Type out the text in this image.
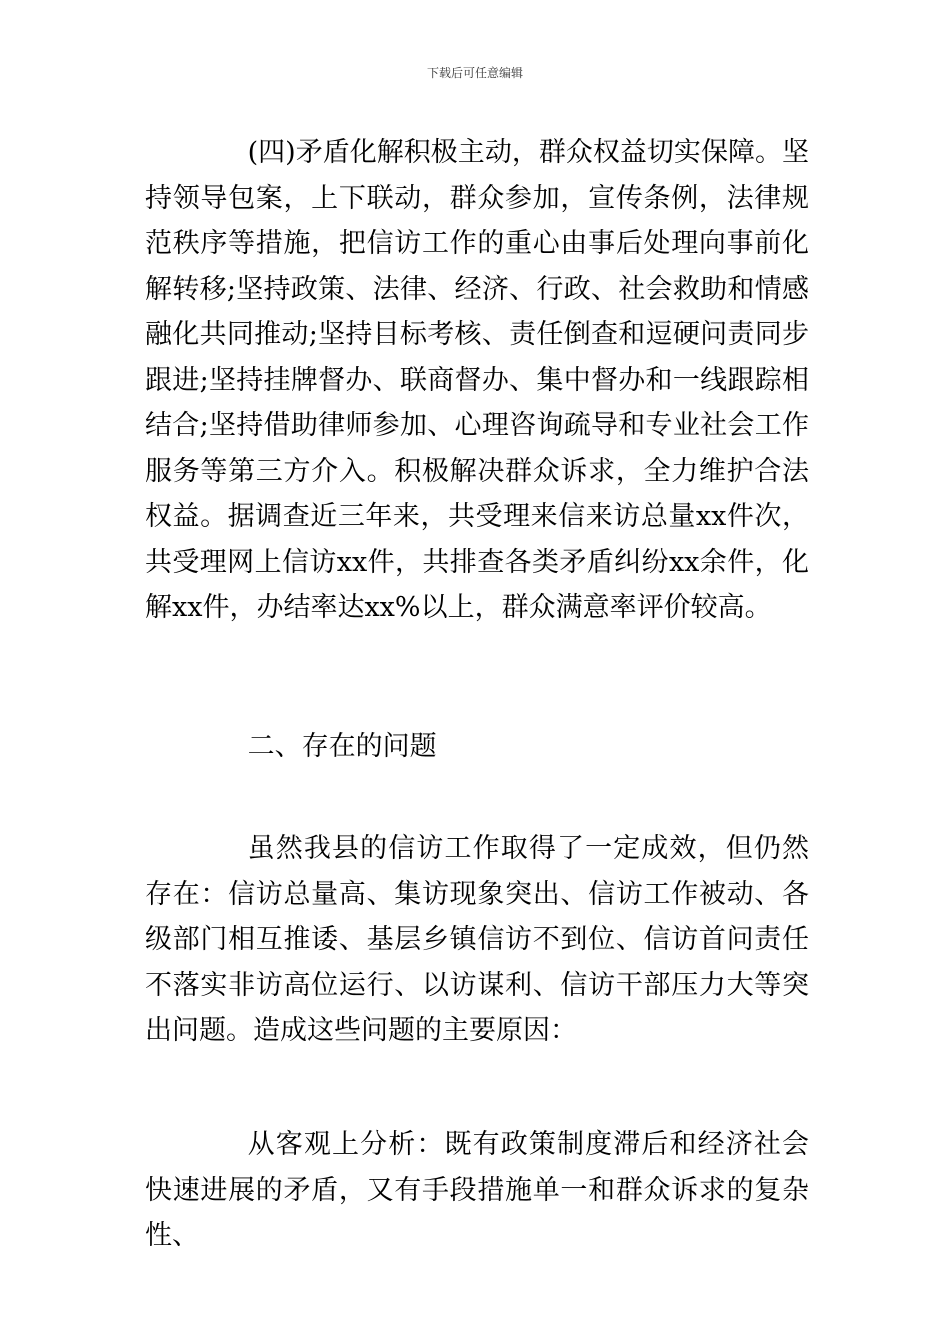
下载后可任意编辑

(四)矛盾化解积极主动，群众权益切实保障。坚持领导包案，上下联动，群众参加，宣传条例，法律规范秩序等措施，把信访工作的重心由事后处理向事前化解转移;坚持政策、法律、经济、行政、社会救助和情感融化共同推动;坚持目标考核、责任倒查和逗硬问责同步跟进;坚持挂牌督办、联商督办、集中督办和一线跟踪相结合;坚持借助律师参加、心理咨询疏导和专业社会工作服务等第三方介入。积极解决群众诉求，全力维护合法权益。据调查近三年来，共受理来信来访总量xx件次，共受理网上信访xx件，共排查各类矛盾纠纷xx余件，化解xx件，办结率达xx%以上，群众满意率评价较高。

二、存在的问题

虽然我县的信访工作取得了一定成效，但仍然存在：信访总量高、集访现象突出、信访工作被动、各级部门相互推诿、基层乡镇信访不到位、信访首问责任不落实非访高位运行、以访谋利、信访干部压力大等突出问题。造成这些问题的主要原因：

从客观上分析：既有政策制度滞后和经济社会快速进展的矛盾，又有手段措施单一和群众诉求的复杂性、
